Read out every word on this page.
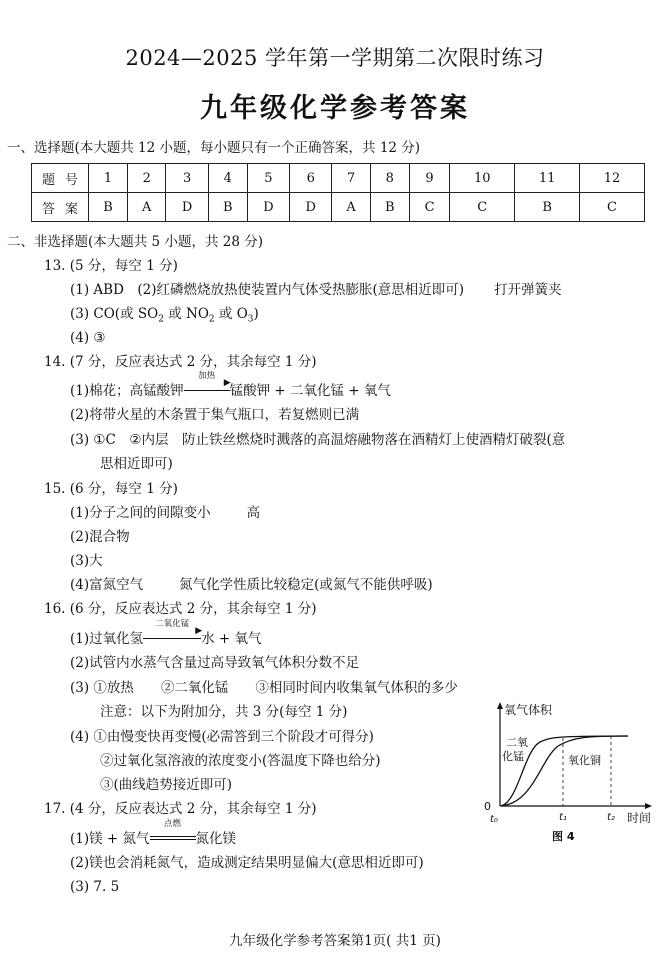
2024—2025 学年第一学期第二次限时练习
九年级化学参考答案
一、选择题(本大题共 12 小题，每小题只有一个正确答案，共 12 分)
题号	1	2	3	4	5	6	7	8	9	10	11	12
答案	B	A	D	B	D	D	A	B	C	C	B	C
二、非选择题(本大题共 5 小题，共 28 分)
13. (5 分，每空 1 分)
(1) ABD　(2)红磷燃烧放热使装置内气体受热膨胀(意思相近即可) 打开弹簧夹
(3) CO(或 $SO_2$ 或 $NO_2$ 或 $O_3$)
(4) ③
14. (7 分，反应表达式 2 分，其余每空 1 分)
(1)棉花；高锰酸钾
加热
▶ 锰酸钾 + 二氧化锰 + 氧气
(2)将带火星的木条置于集气瓶口，若复燃则已满
(3) ①C　②内层　防止铁丝燃烧时溅落的高温熔融物落在酒精灯上使酒精灯破裂(意
思相近即可)
15. (6 分，每空 1 分)
(1)分子之间的间隙变小	高
(2)混合物
(3)大
(4)富氮空气	氮气化学性质比较稳定(或氮气不能供呼吸)
16. (6 分，反应表达式 2 分，其余每空 1 分)
(1)过氧化氢
二氧化锰
▶ 水 + 氧气
(2)试管内水蒸气含量过高导致氧气体积分数不足
(3) ①放热　　②二氧化锰　　③相同时间内收集氧气体积的多少
注意：以下为附加分，共 3 分(每空 1 分)
(4) ①由慢变快再变慢(必需答到三个阶段才可得分)
②过氧化氢溶液的浓度变小(答温度下降也给分)
③(曲线趋势接近即可)
17. (4 分，反应表达式 2 分，其余每空 1 分)
(1)镁 + 氮气
点燃
氮化镁
(2)镁也会消耗氮气，造成测定结果明显偏大(意思相近即可)
(3) 7. 5
氧气体积
二氧
化锰	氧化铜
0
t₀	t₁	t₂ 时间
图 4
九年级化学参考答案第1页( 共1 页)
